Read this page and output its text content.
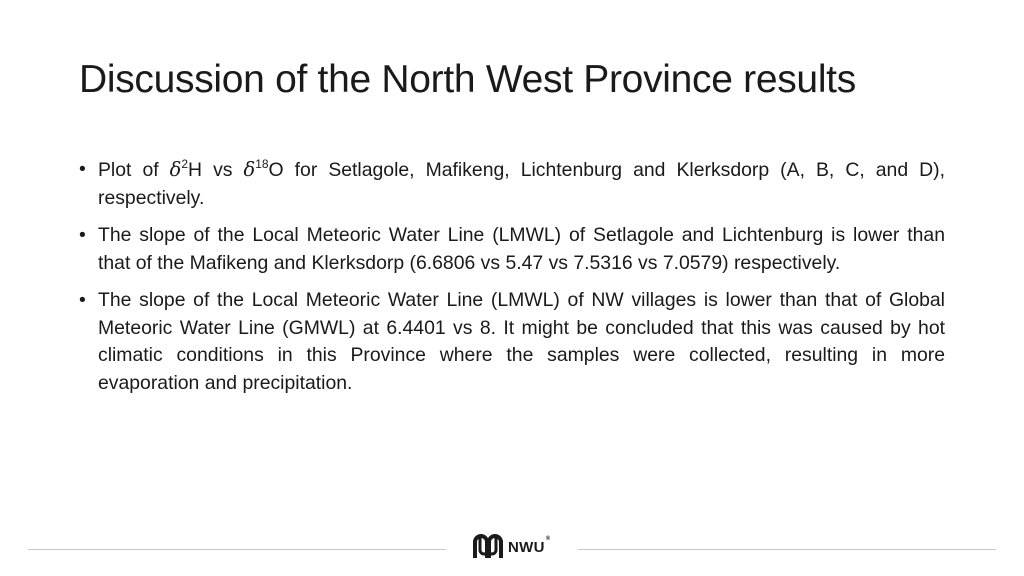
Discussion of the North West Province results
• Plot of $\delta^2H$ vs $\delta^{18}O$ for Setlagole, Mafikeng, Lichtenburg and Klerksdorp (A, B, C, and D), respectively.
• The slope of the Local Meteoric Water Line (LMWL) of Setlagole and Lichtenburg is lower than that of the Mafikeng and Klerksdorp (6.6806 vs 5.47 vs 7.5316 vs 7.0579) respectively.
• The slope of the Local Meteoric Water Line (LMWL) of NW villages is lower than that of Global Meteoric Water Line (GMWL) at 6.4401 vs 8. It might be concluded that this was caused by hot climatic conditions in this Province where the samples were collected, resulting in more evaporation and precipitation.
NWU®
